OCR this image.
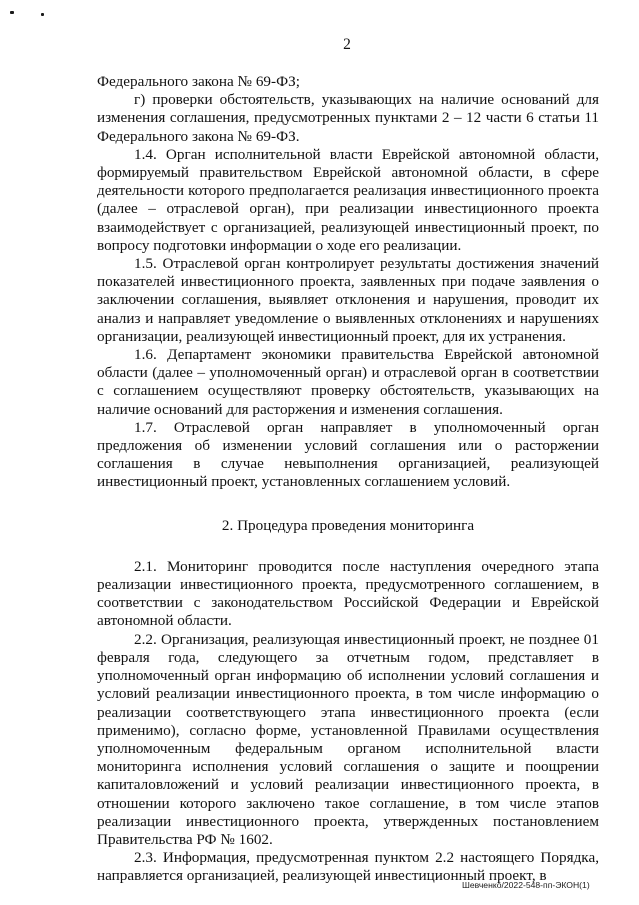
2

Федерального закона № 69-ФЗ;

г) проверки обстоятельств, указывающих на наличие оснований для изменения соглашения, предусмотренных пунктами 2 – 12 части 6 статьи 11 Федерального закона № 69-ФЗ.

1.4. Орган исполнительной власти Еврейской автономной области, формируемый правительством Еврейской автономной области, в сфере деятельности которого предполагается реализация инвестиционного проекта (далее – отраслевой орган), при реализации инвестиционного проекта взаимодействует с организацией, реализующей инвестиционный проект, по вопросу подготовки информации о ходе его реализации.

1.5. Отраслевой орган контролирует результаты достижения значений показателей инвестиционного проекта, заявленных при подаче заявления о заключении соглашения, выявляет отклонения и нарушения, проводит их анализ и направляет уведомление о выявленных отклонениях и нарушениях организации, реализующей инвестиционный проект, для их устранения.

1.6. Департамент экономики правительства Еврейской автономной области (далее – уполномоченный орган) и отраслевой орган в соответствии с соглашением осуществляют проверку обстоятельств, указывающих на наличие оснований для расторжения и изменения соглашения.

1.7. Отраслевой орган направляет в уполномоченный орган предложения об изменении условий соглашения или о расторжении соглашения в случае невыполнения организацией, реализующей инвестиционный проект, установленных соглашением условий.

2. Процедура проведения мониторинга

2.1. Мониторинг проводится после наступления очередного этапа реализации инвестиционного проекта, предусмотренного соглашением, в соответствии с законодательством Российской Федерации и Еврейской автономной области.

2.2. Организация, реализующая инвестиционный проект, не позднее 01 февраля года, следующего за отчетным годом, представляет в уполномоченный орган информацию об исполнении условий соглашения и условий реализации инвестиционного проекта, в том числе информацию о реализации соответствующего этапа инвестиционного проекта (если применимо), согласно форме, установленной Правилами осуществления уполномоченным федеральным органом исполнительной власти мониторинга исполнения условий соглашения о защите и поощрении капиталовложений и условий реализации инвестиционного проекта, в отношении которого заключено такое соглашение, в том числе этапов реализации инвестиционного проекта, утвержденных постановлением Правительства РФ № 1602.

2.3. Информация, предусмотренная пунктом 2.2 настоящего Порядка, направляется организацией, реализующей инвестиционный проект, в

Шевченко/2022-548-пп-ЭКОН(1)
